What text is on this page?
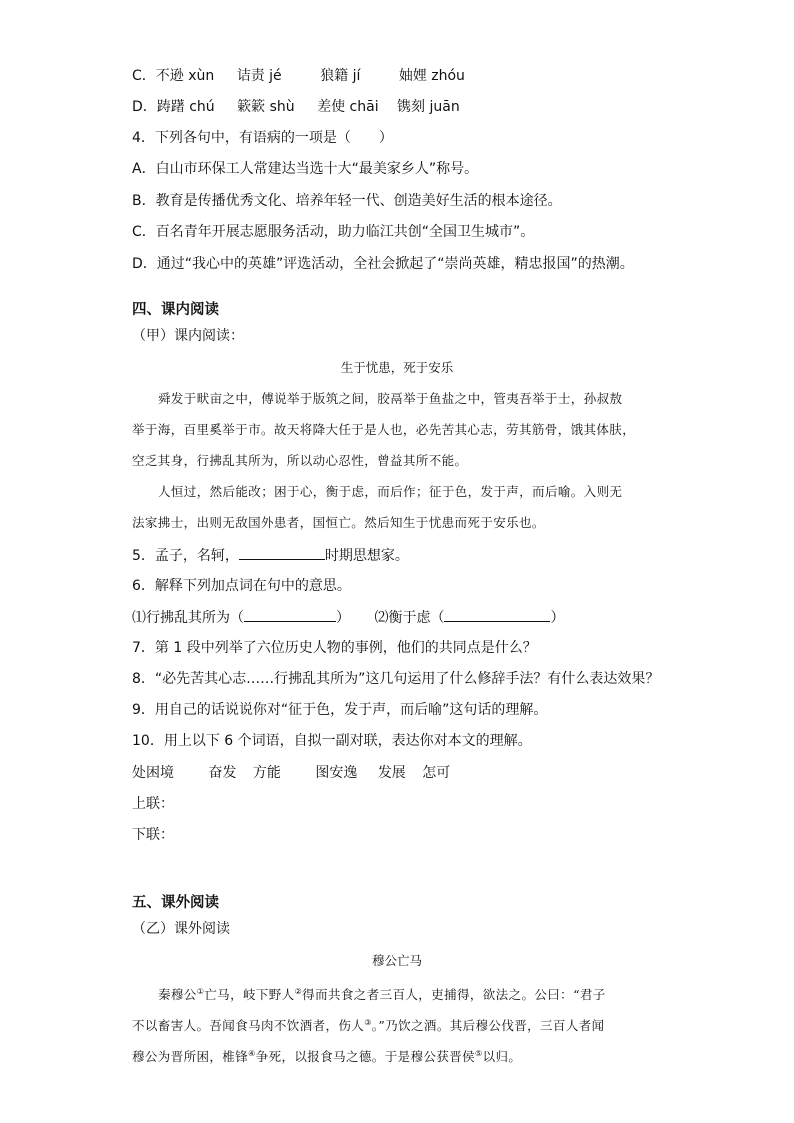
C．不逊 xùn 诘责 jé	狼籍 jí	妯娌 zhóu
D．踌躇 chú 簌簌 shù 差使 chāi 镌刻 juān
4．下列各句中，有语病的一项是（　　）
A．白山市环保工人常建达当选十大“最美家乡人”称号。
B．教育是传播优秀文化、培养年轻一代、创造美好生活的根本途径。
C．百名青年开展志愿服务活动，助力临江共创“全国卫生城市”。
D．通过“我心中的英雄”评选活动，全社会掀起了“崇尚英雄，精忠报国”的热潮。
四、课内阅读
（甲）课内阅读：
生于忧患，死于安乐
舜发于畎亩之中，傅说举于版筑之间，胶鬲举于鱼盐之中，管夷吾举于士，孙叔敖
举于海，百里奚举于市。故天将降大任于是人也，必先苦其心志，劳其筋骨，饿其体肤，
空乏其身，行拂乱其所为，所以动心忍性，曾益其所不能。
人恒过，然后能改；困于心，衡于虑，而后作；征于色，发于声，而后喻。入则无
法家拂士，出则无敌国外患者，国恒亡。然后知生于忧患而死于安乐也。
5．孟子，名轲，	时期思想家。
6．解释下列加点词在句中的意思。
⑴行拂乱其所为（	） ⑵衡于虑（	）
7．第 1 段中列举了六位历史人物的事例，他们的共同点是什么？
8．“必先苦其心志……行拂乱其所为”这几句运用了什么修辞手法？有什么表达效果？
9．用自己的话说说你对“征于色，发于声，而后喻”这句话的理解。
10．用上以下 6 个词语，自拟一副对联，表达你对本文的理解。
处困境 奋发 方能 图安逸 发展 怎可
上联：
下联：
五、课外阅读
（乙）课外阅读
穆公亡马
秦穆公①亡马，岐下野人②得而共食之者三百人，吏捕得，欲法之。公曰：“君子
不以畜害人。吾闻食马肉不饮酒者，伤人③。”乃饮之酒。其后穆公伐晋，三百人者闻
穆公为晋所困，椎锋④争死，以报食马之德。于是穆公获晋侯⑤以归。
